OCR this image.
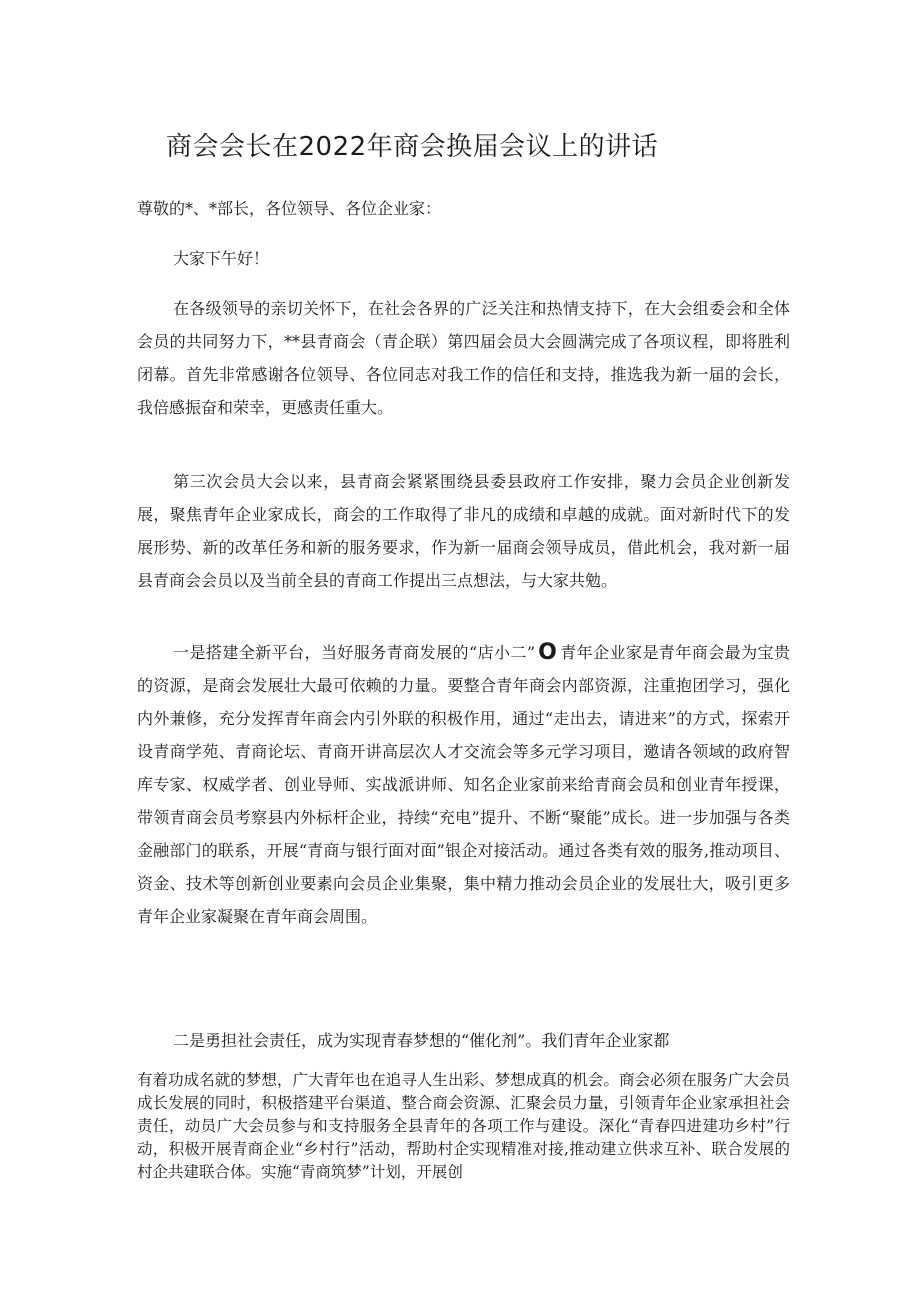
商会会长在2022年商会换届会议上的讲话
尊敬的*、*部长，各位领导、各位企业家：
大家下午好！

在各级领导的亲切关怀下，在社会各界的广泛关注和热情支持下，在大会组委会和全体会员的共同努力下，**县青商会（青企联）第四届会员大会圆满完成了各项议程，即将胜利闭幕。首先非常感谢各位领导、各位同志对我工作的信任和支持，推选我为新一届的会长，我倍感振奋和荣幸，更感责任重大。

第三次会员大会以来，县青商会紧紧围绕县委县政府工作安排，聚力会员企业创新发展，聚焦青年企业家成长，商会的工作取得了非凡的成绩和卓越的成就。面对新时代下的发展形势、新的改革任务和新的服务要求，作为新一届商会领导成员，借此机会，我对新一届县青商会会员以及当前全县的青商工作提出三点想法，与大家共勉。

一是搭建全新平台，当好服务青商发展的“店小二” O 青年企业家是青年商会最为宝贵的资源，是商会发展壮大最可依赖的力量。要整合青年商会内部资源，注重抱团学习，强化内外兼修，充分发挥青年商会内引外联的积极作用，通过“走出去，请进来”的方式，探索开设青商学苑、青商论坛、青商开讲高层次人才交流会等多元学习项目，邀请各领域的政府智库专家、权威学者、创业导师、实战派讲师、知名企业家前来给青商会员和创业青年授课，带领青商会员考察县内外标杆企业，持续“充电”提升、不断“聚能”成长。进一步加强与各类金融部门的联系，开展“青商与银行面对面”银企对接活动。通过各类有效的服务,推动项目、资金、技术等创新创业要素向会员企业集聚，集中精力推动会员企业的发展壮大，吸引更多青年企业家凝聚在青年商会周围。

二是勇担社会责任，成为实现青春梦想的“催化剂”。我们青年企业家都

有着功成名就的梦想，广大青年也在追寻人生出彩、梦想成真的机会。商会必须在服务广大会员成长发展的同时，积极搭建平台渠道、整合商会资源、汇聚会员力量，引领青年企业家承担社会责任，动员广大会员参与和支持服务全县青年的各项工作与建设。深化“青春四进建功乡村”行动，积极开展青商企业“乡村行”活动，帮助村企实现精准对接,推动建立供求互补、联合发展的村企共建联合体。实施“青商筑梦”计划，开展创
